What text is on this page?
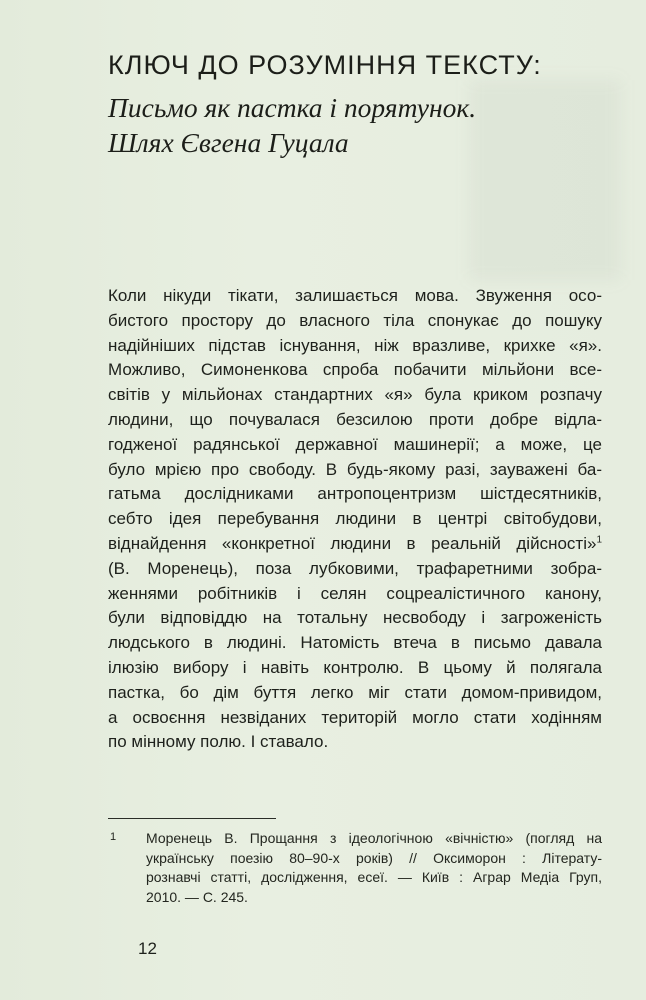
КЛЮЧ ДО РОЗУМІННЯ ТЕКСТУ:
Письмо як пастка і порятунок.
Шлях Євгена Гуцала
Коли нікуди тікати, залишається мова. Звуження осо-
бистого простору до власного тіла спонукає до пошуку
надійніших підстав існування, ніж вразливе, крихке «я».
Можливо, Симоненкова спроба побачити мільйони все-
світів у мільйонах стандартних «я» була криком розпачу
людини, що почувалася безсилою проти добре відла-
годженої радянської державної машинерії; а може, це
було мрією про свободу. В будь-якому разі, зауважені ба-
гатьма дослідниками антропоцентризм шістдесятників,
себто ідея перебування людини в центрі світобудови,
віднайдення «конкретної людини в реальній дійсності»$^1$
(В. Моренець), поза лубковими, трафаретними зобра-
женнями робітників і селян соцреалістичного канону,
були відповіддю на тотальну несвободу і загроженість
людського в людині. Натомість втеча в письмо давала
ілюзію вибору і навіть контролю. В цьому й полягала
пастка, бо дім буття легко міг стати домом-привидом,
а освоєння незвіданих територій могло стати ходінням
по мінному полю. І ставало.
1 Моренець В. Прощання з ідеологічною «вічністю» (погляд на
українську поезію 80–90-х років) // Оксиморон : Літерату-
рознавчі статті, дослідження, есеї. — Київ : Аграр Медіа Груп,
2010. — С. 245.
12
